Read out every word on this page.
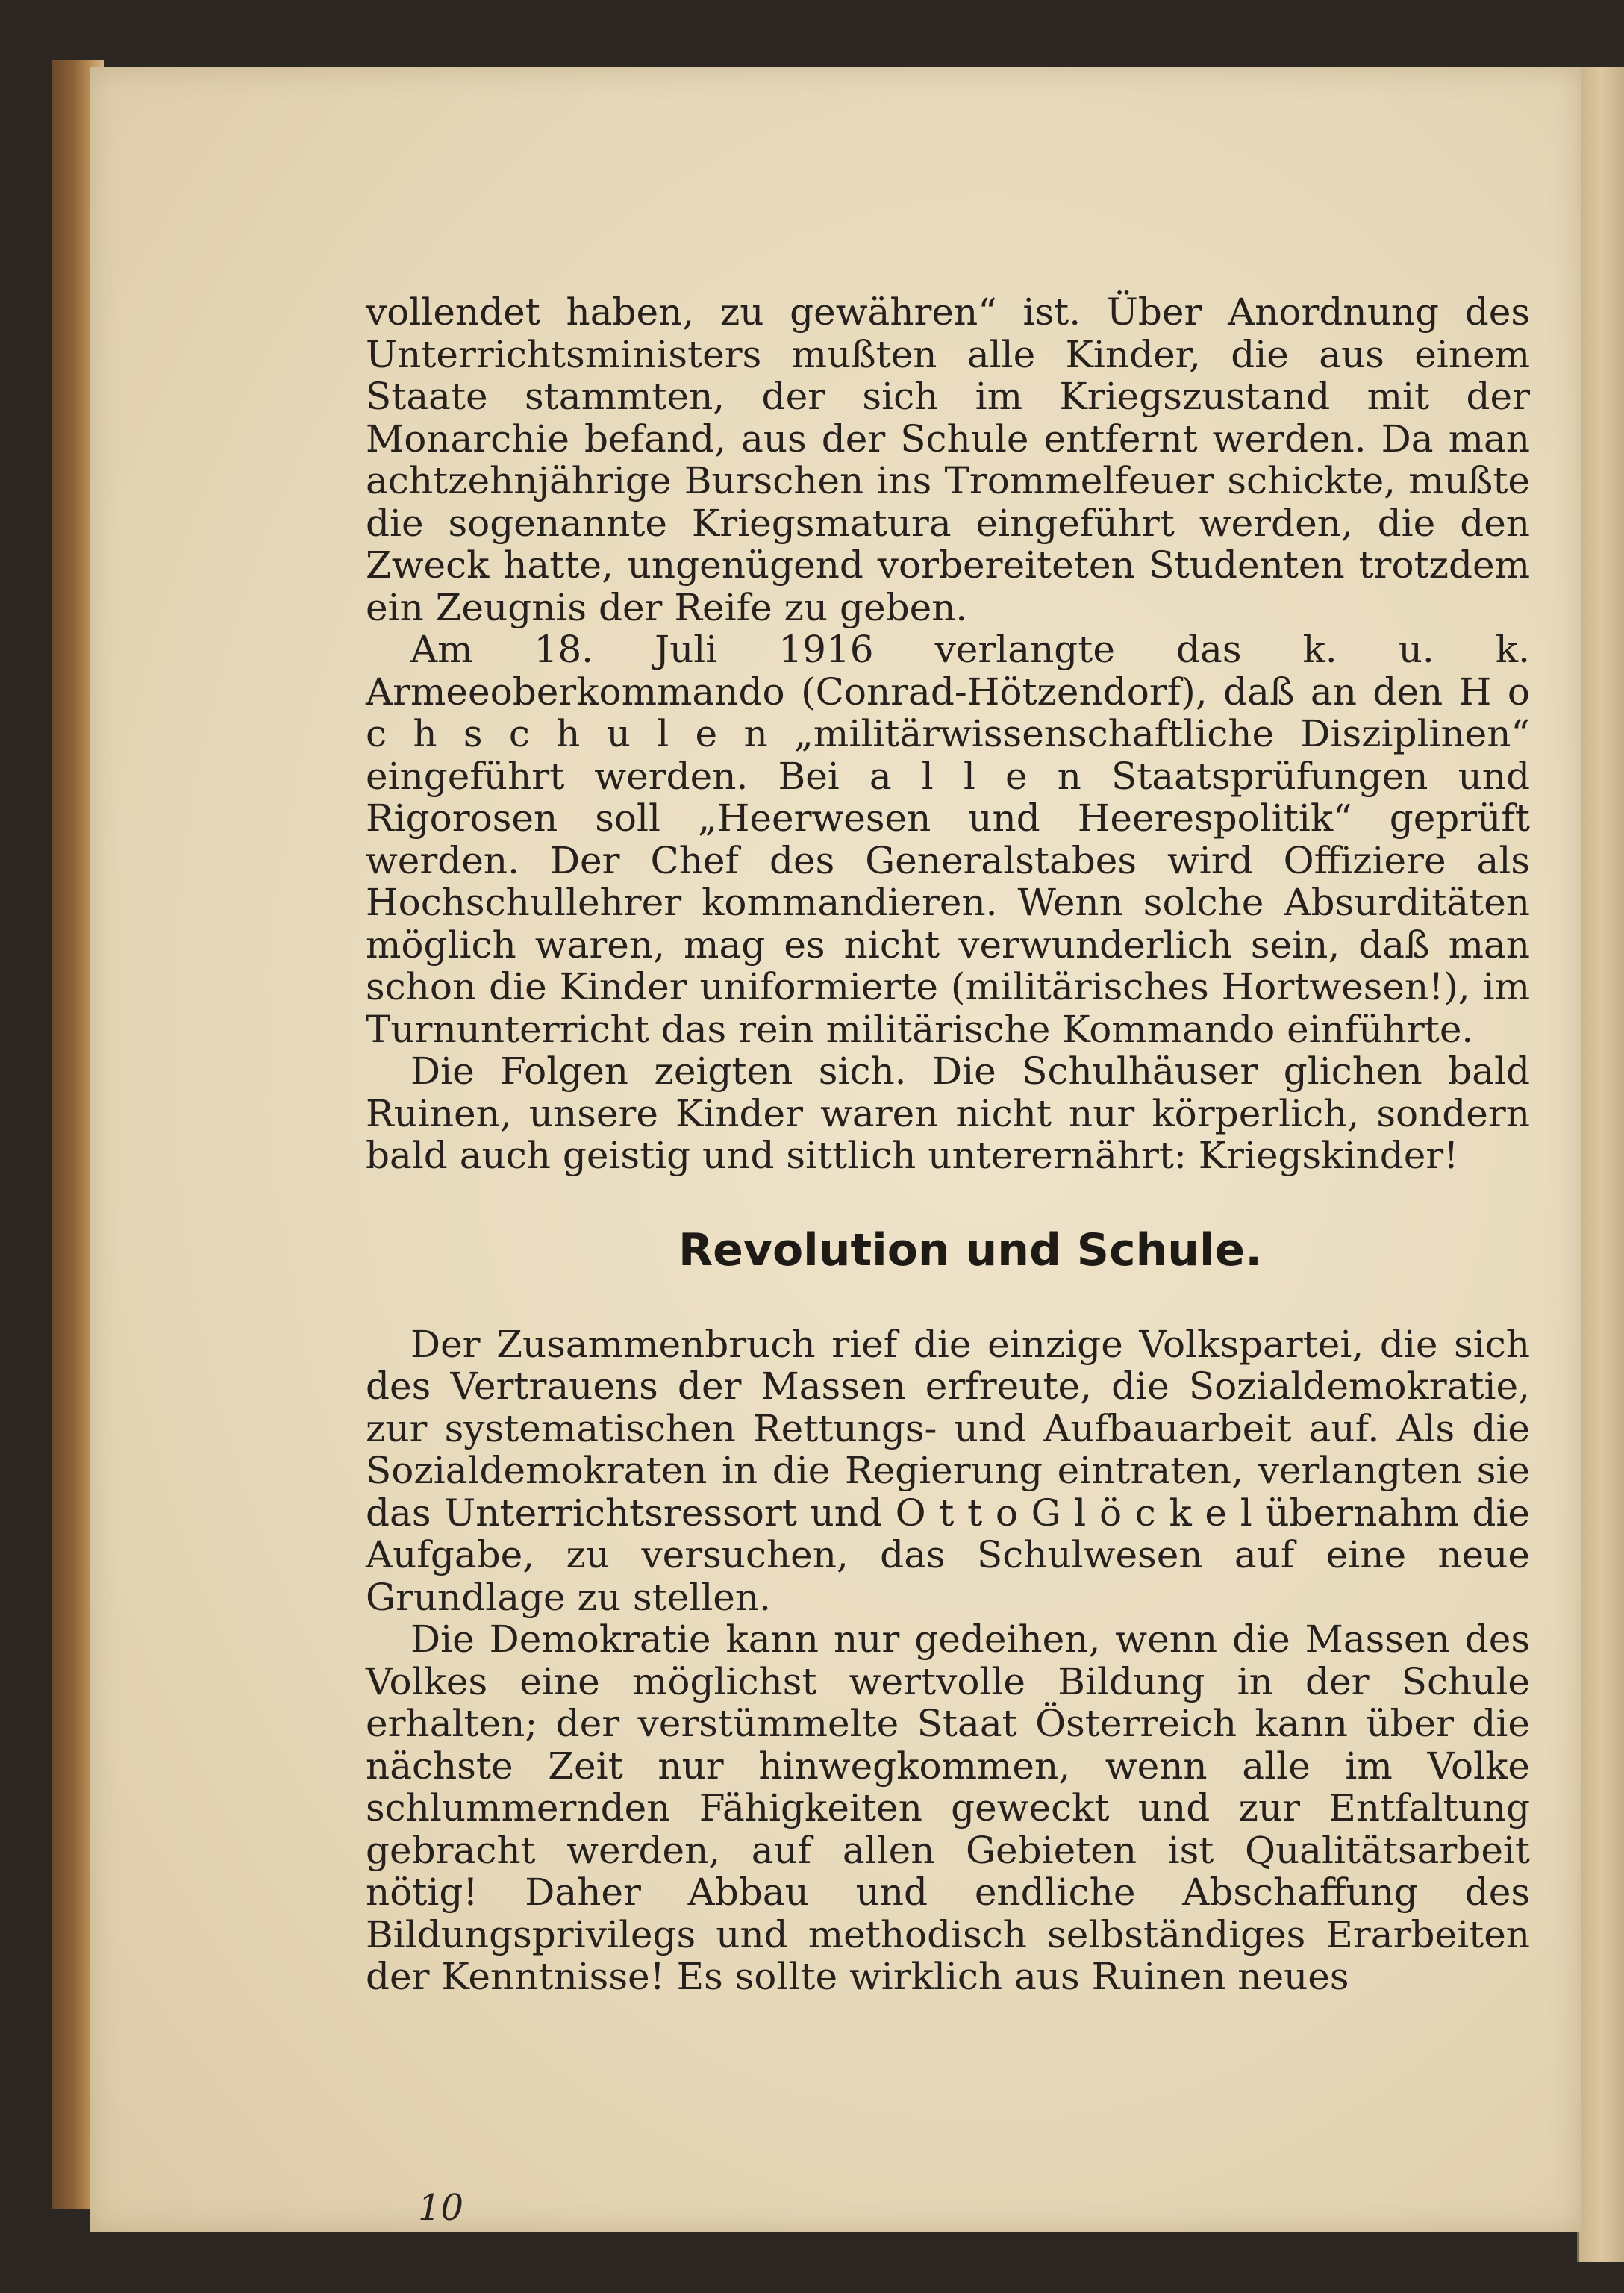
vollendet haben, zu gewähren“ ist. Über Anordnung des Unterrichtsministers mußten alle Kinder, die aus einem Staate stammten, der sich im Kriegszustand mit der Monarchie befand, aus der Schule entfernt werden. Da man achtzehnjährige Burschen ins Trommelfeuer schickte, mußte die sogenannte Kriegsmatura eingeführt werden, die den Zweck hatte, ungenügend vorbereiteten Studenten trotzdem ein Zeugnis der Reife zu geben.

Am 18. Juli 1916 verlangte das k. u. k. Armeeoberkommando (Conrad-Hötzendorf), daß an den H o c h s c h u l e n „militärwissenschaftliche Disziplinen“ eingeführt werden. Bei a l l e n Staatsprüfungen und Rigorosen soll „Heerwesen und Heerespolitik“ geprüft werden. Der Chef des Generalstabes wird Offiziere als Hochschullehrer kommandieren. Wenn solche Absurditäten möglich waren, mag es nicht verwunderlich sein, daß man schon die Kinder uniformierte (militärisches Hortwesen!), im Turnunterricht das rein militärische Kommando einführte.

Die Folgen zeigten sich. Die Schulhäuser glichen bald Ruinen, unsere Kinder waren nicht nur körperlich, sondern bald auch geistig und sittlich unterernährt: Kriegskinder!

Revolution und Schule.

Der Zusammenbruch rief die einzige Volkspartei, die sich des Vertrauens der Massen erfreute, die Sozialdemokratie, zur systematischen Rettungs- und Aufbauarbeit auf. Als die Sozialdemokraten in die Regierung eintraten, verlangten sie das Unterrichtsressort und O t t o G l ö c k e l übernahm die Aufgabe, zu versuchen, das Schulwesen auf eine neue Grundlage zu stellen.

Die Demokratie kann nur gedeihen, wenn die Massen des Volkes eine möglichst wertvolle Bildung in der Schule erhalten; der verstümmelte Staat Österreich kann über die nächste Zeit nur hinwegkommen, wenn alle im Volke schlummernden Fähigkeiten geweckt und zur Entfaltung gebracht werden, auf allen Gebieten ist Qualitätsarbeit nötig! Daher Abbau und endliche Abschaffung des Bildungsprivilegs und methodisch selbständiges Erarbeiten der Kenntnisse! Es sollte wirklich aus Ruinen neues

10
